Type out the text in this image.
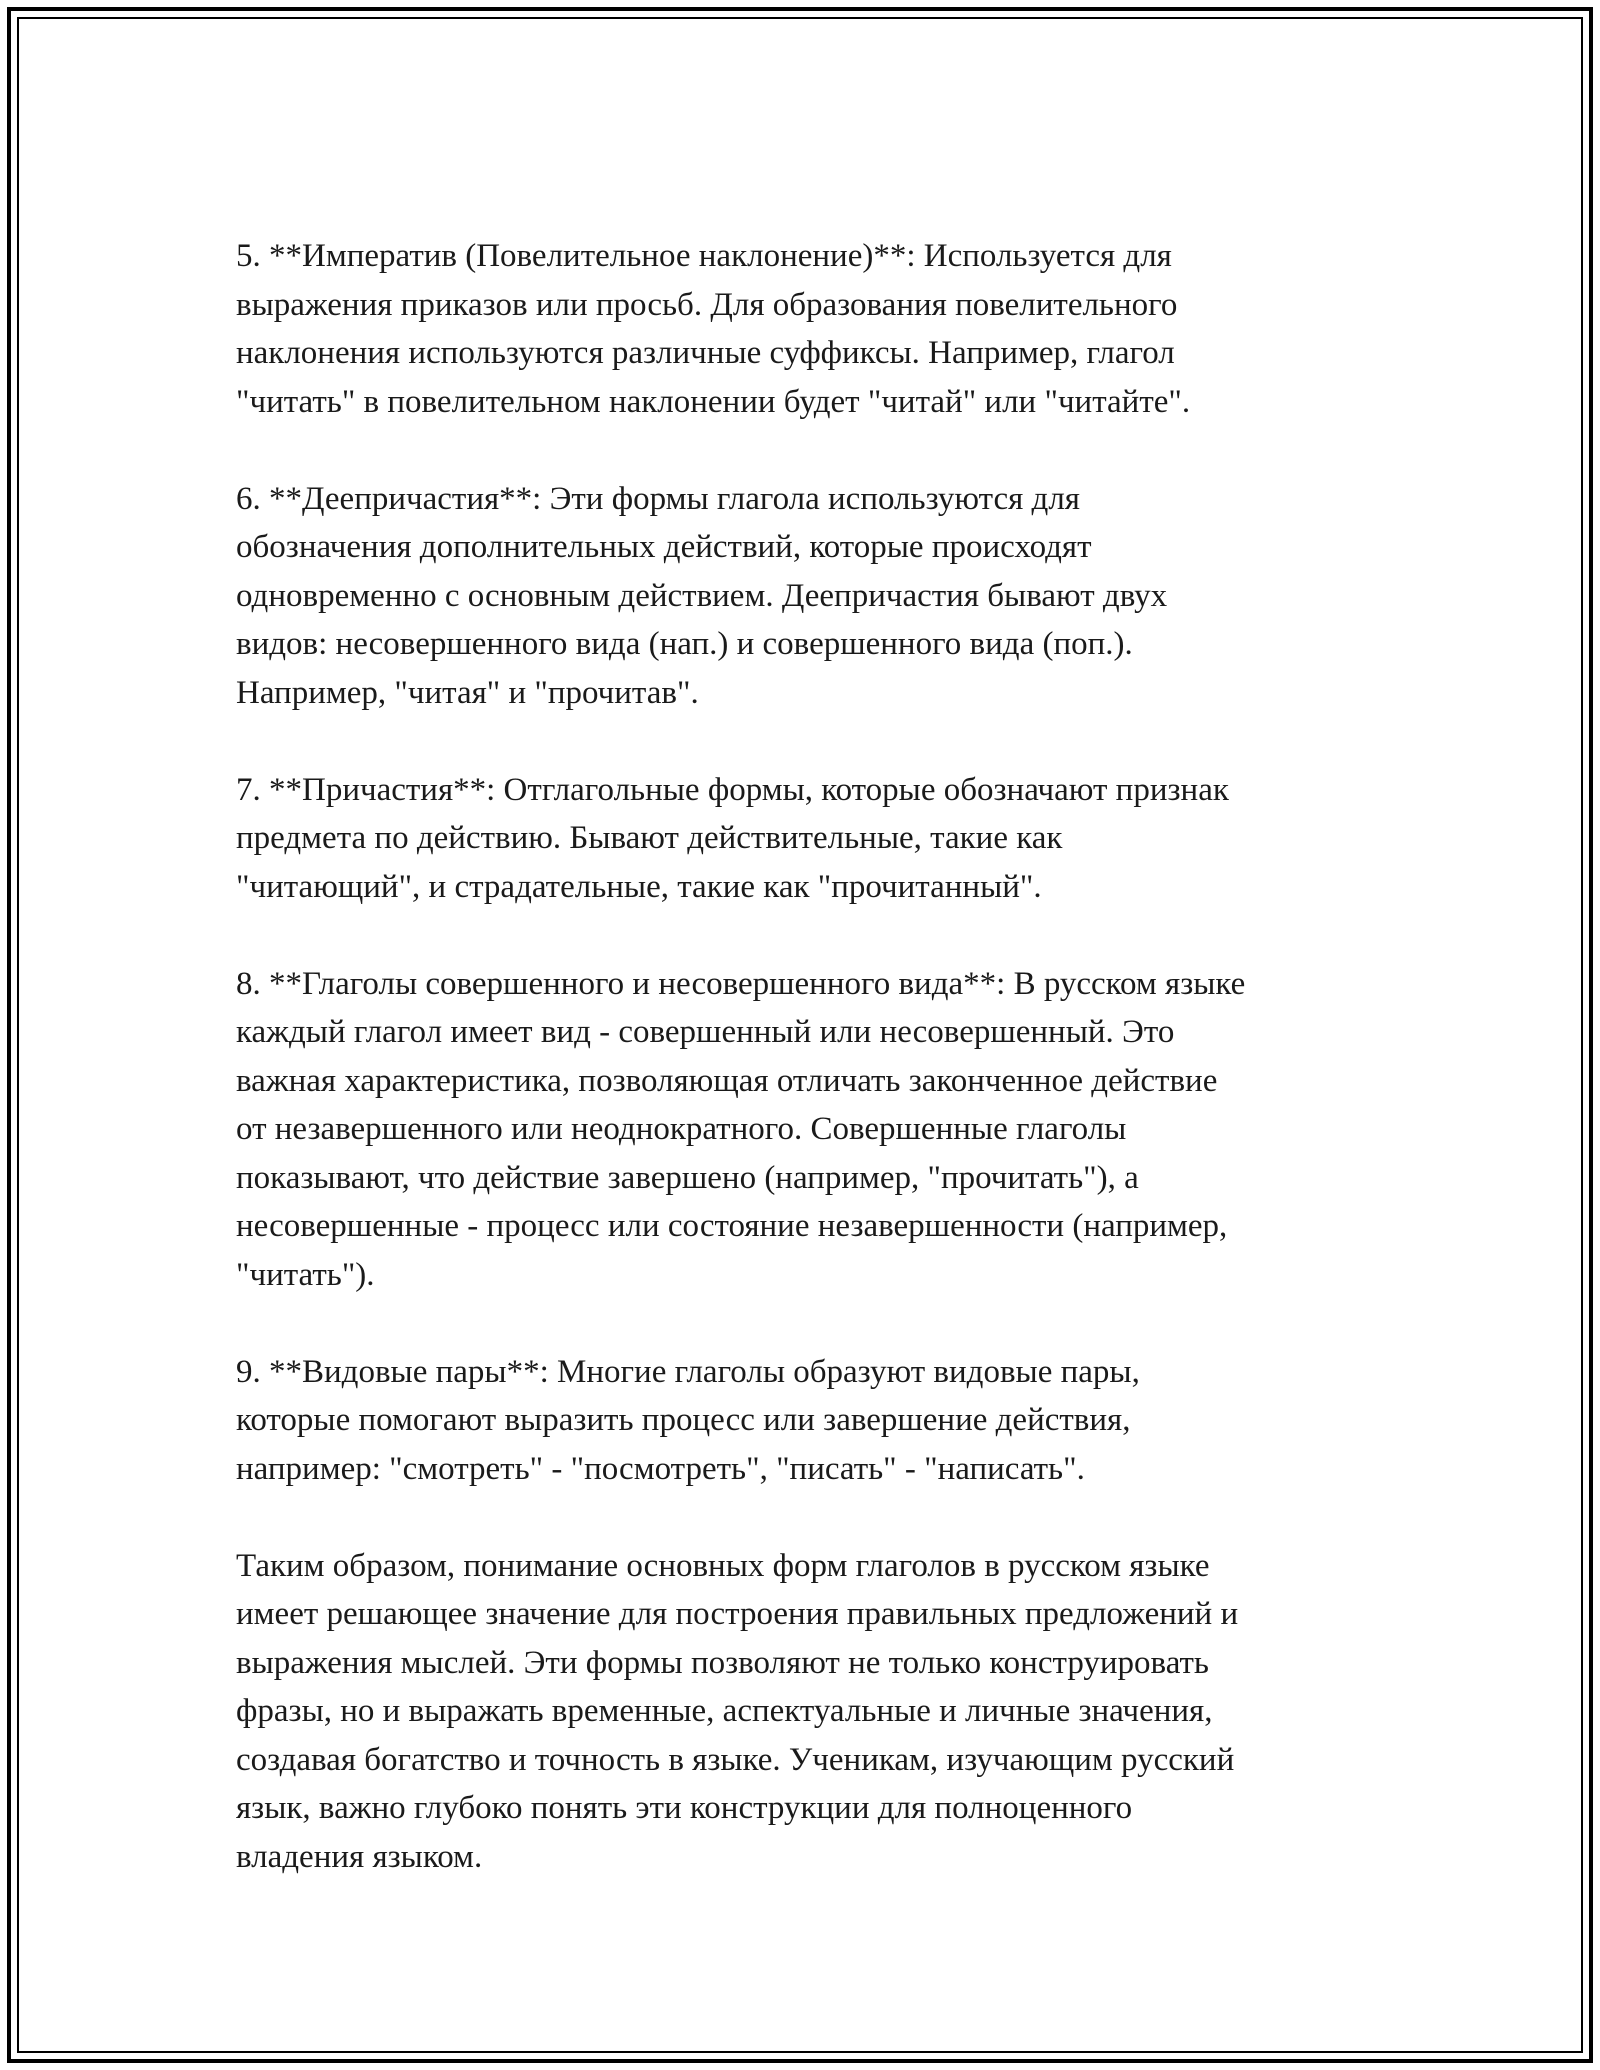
5. **Императив (Повелительное наклонение)**: Используется для
выражения приказов или просьб. Для образования повелительного
наклонения используются различные суффиксы. Например, глагол
"читать" в повелительном наклонении будет "читай" или "читайте".

6. **Деепричастия**: Эти формы глагола используются для
обозначения дополнительных действий, которые происходят
одновременно с основным действием. Деепричастия бывают двух
видов: несовершенного вида (нап.) и совершенного вида (поп.).
Например, "читая" и "прочитав".

7. **Причастия**: Отглагольные формы, которые обозначают признак
предмета по действию. Бывают действительные, такие как
"читающий", и страдательные, такие как "прочитанный".

8. **Глаголы совершенного и несовершенного вида**: В русском языке
каждый глагол имеет вид - совершенный или несовершенный. Это
важная характеристика, позволяющая отличать законченное действие
от незавершенного или неоднократного. Совершенные глаголы
показывают, что действие завершено (например, "прочитать"), а
несовершенные - процесс или состояние незавершенности (например,
"читать").

9. **Видовые пары**: Многие глаголы образуют видовые пары,
которые помогают выразить процесс или завершение действия,
например: "смотреть" - "посмотреть", "писать" - "написать".

Таким образом, понимание основных форм глаголов в русском языке
имеет решающее значение для построения правильных предложений и
выражения мыслей. Эти формы позволяют не только конструировать
фразы, но и выражать временные, аспектуальные и личные значения,
создавая богатство и точность в языке. Ученикам, изучающим русский
язык, важно глубоко понять эти конструкции для полноценного
владения языком.
